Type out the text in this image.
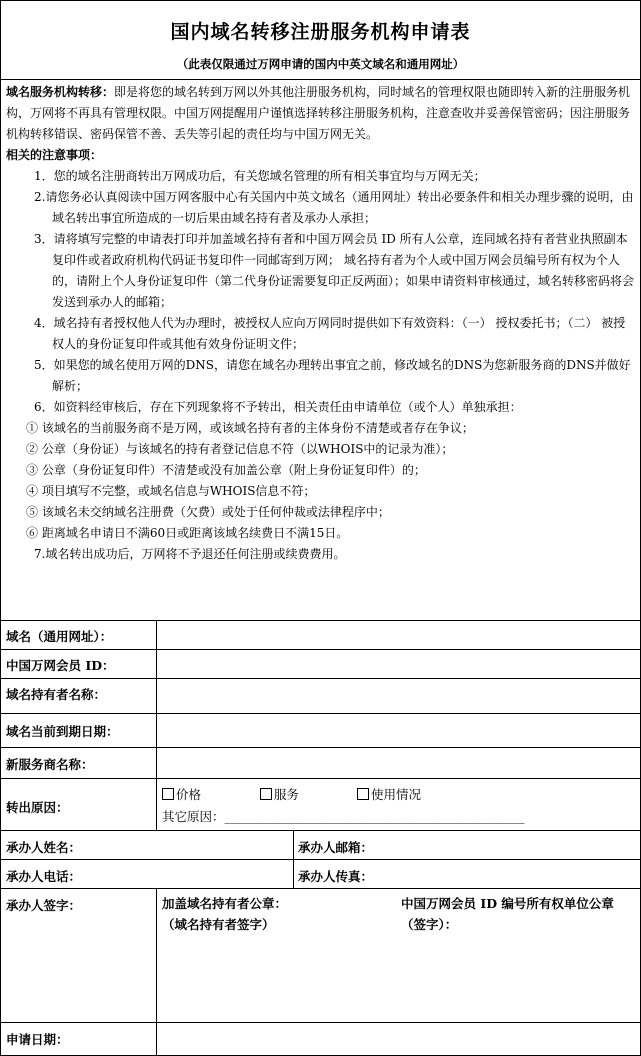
国内域名转移注册服务机构申请表
（此表仅限通过万网申请的国内中英文域名和通用网址）

域名服务机构转移：即是将您的域名转到万网以外其他注册服务机构，同时域名的管理权限也随即转入新的注册服务机构，万网将不再具有管理权限。中国万网提醒用户谨慎选择转移注册服务机构，注意查收并妥善保管密码；因注册服务机构转移错误、密码保管不善、丢失等引起的责任均与中国万网无关。

相关的注意事项：

1．您的域名注册商转出万网成功后，有关您域名管理的所有相关事宜均与万网无关；

2.请您务必认真阅读中国万网客服中心有关国内中英文域名（通用网址）转出必要条件和相关办理步骤的说明，由域名转出事宜所造成的一切后果由域名持有者及承办人承担；

3．请将填写完整的申请表打印并加盖域名持有者和中国万网会员 ID 所有人公章，连同域名持有者营业执照副本复印件或者政府机构代码证书复印件一同邮寄到万网； 域名持有者为个人或中国万网会员编号所有权为个人的，请附上个人身份证复印件（第二代身份证需要复印正反两面）；如果申请资料审核通过，域名转移密码将会发送到承办人的邮箱；

4．域名持有者授权他人代为办理时，被授权人应向万网同时提供如下有效资料：（一） 授权委托书；（二） 被授权人的身份证复印件或其他有效身份证明文件；

5．如果您的域名使用万网的DNS，请您在域名办理转出事宜之前，修改域名的DNS为您新服务商的DNS并做好解析；

6．如资料经审核后，存在下列现象将不予转出，相关责任由申请单位（或个人）单独承担：

① 该域名的当前服务商不是万网，或该域名持有者的主体身份不清楚或者存在争议；

② 公章（身份证）与该域名的持有者登记信息不符（以WHOIS中的记录为准）；

③ 公章（身份证复印件）不清楚或没有加盖公章（附上身份证复印件）的；

④ 项目填写不完整，或域名信息与WHOIS信息不符；

⑤ 该域名未交纳域名注册费（欠费）或处于任何仲裁或法律程序中；

⑥ 距离域名申请日不满60日或距离该域名续费日不满15日。

7.域名转出成功后，万网将不予退还任何注册或续费费用。

域名（通用网址）：
中国万网会员 ID：
域名持有者名称：
域名当前到期日期：
新服务商名称：
转出原因：
价格	服务	使用情况
其它原因：________________________________________________
承办人姓名：	承办人邮箱：
承办人电话：	承办人传真：
承办人签字：	加盖域名持有者公章：
（域名持有者签字）
中国万网会员 ID 编号所有权单位公章（签字）：
申请日期：
